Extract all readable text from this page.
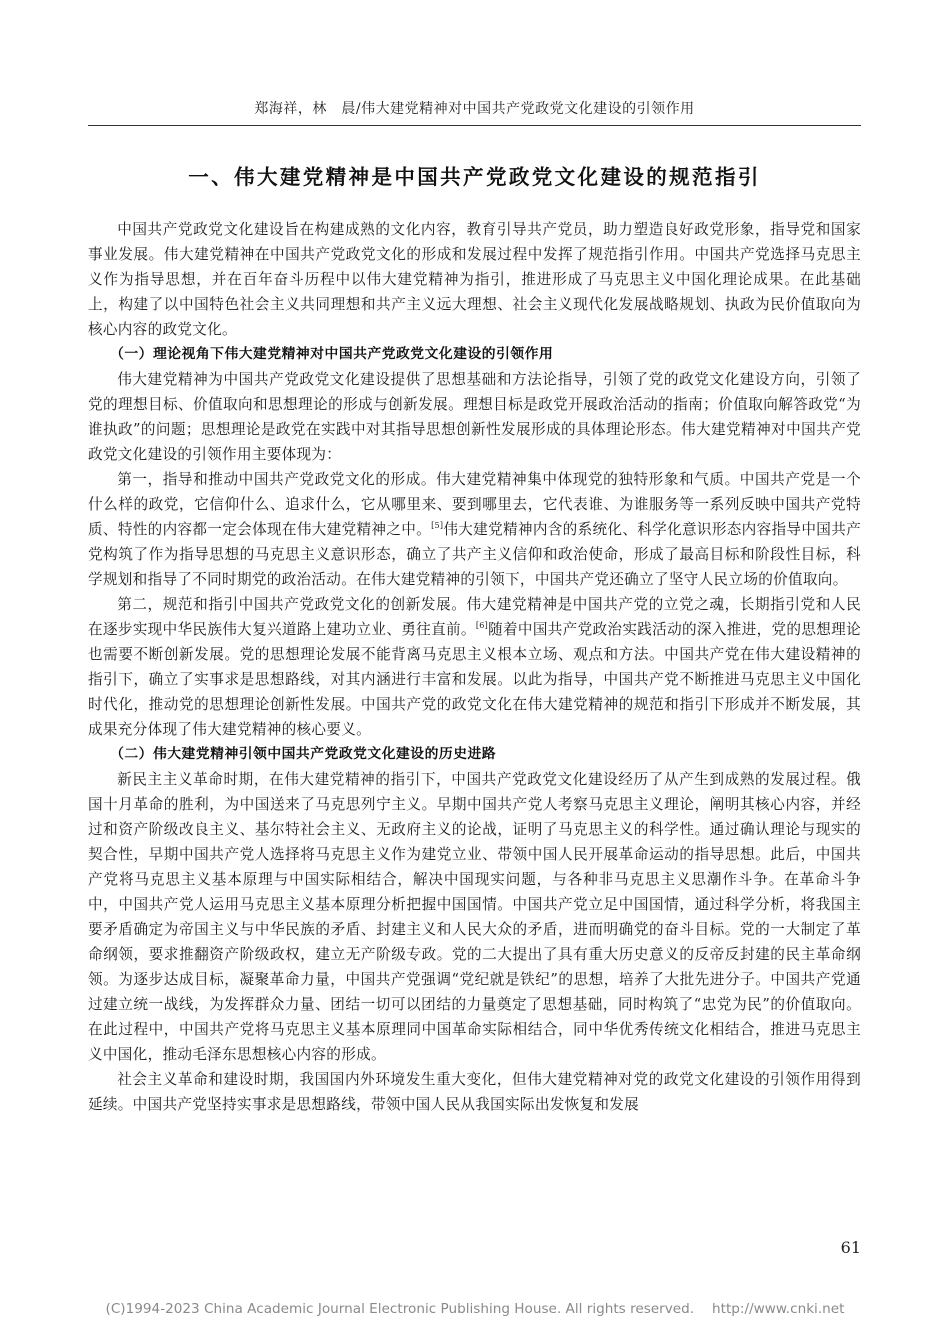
郑海祥，林　晨/伟大建党精神对中国共产党政党文化建设的引领作用
一、伟大建党精神是中国共产党政党文化建设的规范指引

中国共产党政党文化建设旨在构建成熟的文化内容，教育引导共产党员，助力塑造良好政党形象，指导党和国家事业发展。伟大建党精神在中国共产党政党文化的形成和发展过程中发挥了规范指引作用。中国共产党选择马克思主义作为指导思想，并在百年奋斗历程中以伟大建党精神为指引，推进形成了马克思主义中国化理论成果。在此基础上，构建了以中国特色社会主义共同理想和共产主义远大理想、社会主义现代化发展战略规划、执政为民价值取向为核心内容的政党文化。

（一）理论视角下伟大建党精神对中国共产党政党文化建设的引领作用

伟大建党精神为中国共产党政党文化建设提供了思想基础和方法论指导，引领了党的政党文化建设方向，引领了党的理想目标、价值取向和思想理论的形成与创新发展。理想目标是政党开展政治活动的指南；价值取向解答政党“为谁执政”的问题；思想理论是政党在实践中对其指导思想创新性发展形成的具体理论形态。伟大建党精神对中国共产党政党文化建设的引领作用主要体现为：

第一，指导和推动中国共产党政党文化的形成。伟大建党精神集中体现党的独特形象和气质。中国共产党是一个什么样的政党，它信仰什么、追求什么，它从哪里来、要到哪里去，它代表谁、为谁服务等一系列反映中国共产党特质、特性的内容都一定会体现在伟大建党精神之中。[5]伟大建党精神内含的系统化、科学化意识形态内容指导中国共产党构筑了作为指导思想的马克思主义意识形态，确立了共产主义信仰和政治使命，形成了最高目标和阶段性目标，科学规划和指导了不同时期党的政治活动。在伟大建党精神的引领下，中国共产党还确立了坚守人民立场的价值取向。

第二，规范和指引中国共产党政党文化的创新发展。伟大建党精神是中国共产党的立党之魂，长期指引党和人民在逐步实现中华民族伟大复兴道路上建功立业、勇往直前。[6]随着中国共产党政治实践活动的深入推进，党的思想理论也需要不断创新发展。党的思想理论发展不能背离马克思主义根本立场、观点和方法。中国共产党在伟大建设精神的指引下，确立了实事求是思想路线，对其内涵进行丰富和发展。以此为指导，中国共产党不断推进马克思主义中国化时代化，推动党的思想理论创新性发展。中国共产党的政党文化在伟大建党精神的规范和指引下形成并不断发展，其成果充分体现了伟大建党精神的核心要义。

（二）伟大建党精神引领中国共产党政党文化建设的历史进路

新民主主义革命时期，在伟大建党精神的指引下，中国共产党政党文化建设经历了从产生到成熟的发展过程。俄国十月革命的胜利，为中国送来了马克思列宁主义。早期中国共产党人考察马克思主义理论，阐明其核心内容，并经过和资产阶级改良主义、基尔特社会主义、无政府主义的论战，证明了马克思主义的科学性。通过确认理论与现实的契合性，早期中国共产党人选择将马克思主义作为建党立业、带领中国人民开展革命运动的指导思想。此后，中国共产党将马克思主义基本原理与中国实际相结合，解决中国现实问题，与各种非马克思主义思潮作斗争。在革命斗争中，中国共产党人运用马克思主义基本原理分析把握中国国情。中国共产党立足中国国情，通过科学分析，将我国主要矛盾确定为帝国主义与中华民族的矛盾、封建主义和人民大众的矛盾，进而明确党的奋斗目标。党的一大制定了革命纲领，要求推翻资产阶级政权，建立无产阶级专政。党的二大提出了具有重大历史意义的反帝反封建的民主革命纲领。为逐步达成目标，凝聚革命力量，中国共产党强调“党纪就是铁纪”的思想，培养了大批先进分子。中国共产党通过建立统一战线，为发挥群众力量、团结一切可以团结的力量奠定了思想基础，同时构筑了“忠党为民”的价值取向。在此过程中，中国共产党将马克思主义基本原理同中国革命实际相结合，同中华优秀传统文化相结合，推进马克思主义中国化，推动毛泽东思想核心内容的形成。

社会主义革命和建设时期，我国国内外环境发生重大变化，但伟大建党精神对党的政党文化建设的引领作用得到延续。中国共产党坚持实事求是思想路线，带领中国人民从我国实际出发恢复和发展

61
(C)1994-2023 China Academic Journal Electronic Publishing House. All rights reserved.　 http://www.cnki.net
